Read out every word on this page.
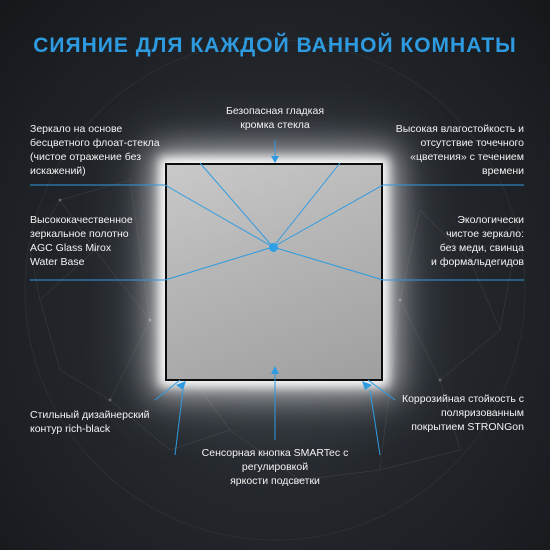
СИЯНИЕ ДЛЯ КАЖДОЙ ВАННОЙ КОМНАТЫ
Безопасная гладкая
кромка стекла
Зеркало на основе
бесцветного флоат-стекла
(чистое отражение без
искажений)
Высокая влагостойкость и
отсутствие точечного
«цветения» с течением
времени
Высококачественное
зеркальное полотно
AGC Glass Mirox
Water Base
Экологически
чистое зеркало:
без меди, свинца
и формальдегидов
Стильный дизайнерский
контур rich-black
Коррозийная стойкость с
поляризованным
покрытием STRONGon
Сенсорная кнопка SMARTec с
регулировкой
яркости подсветки
